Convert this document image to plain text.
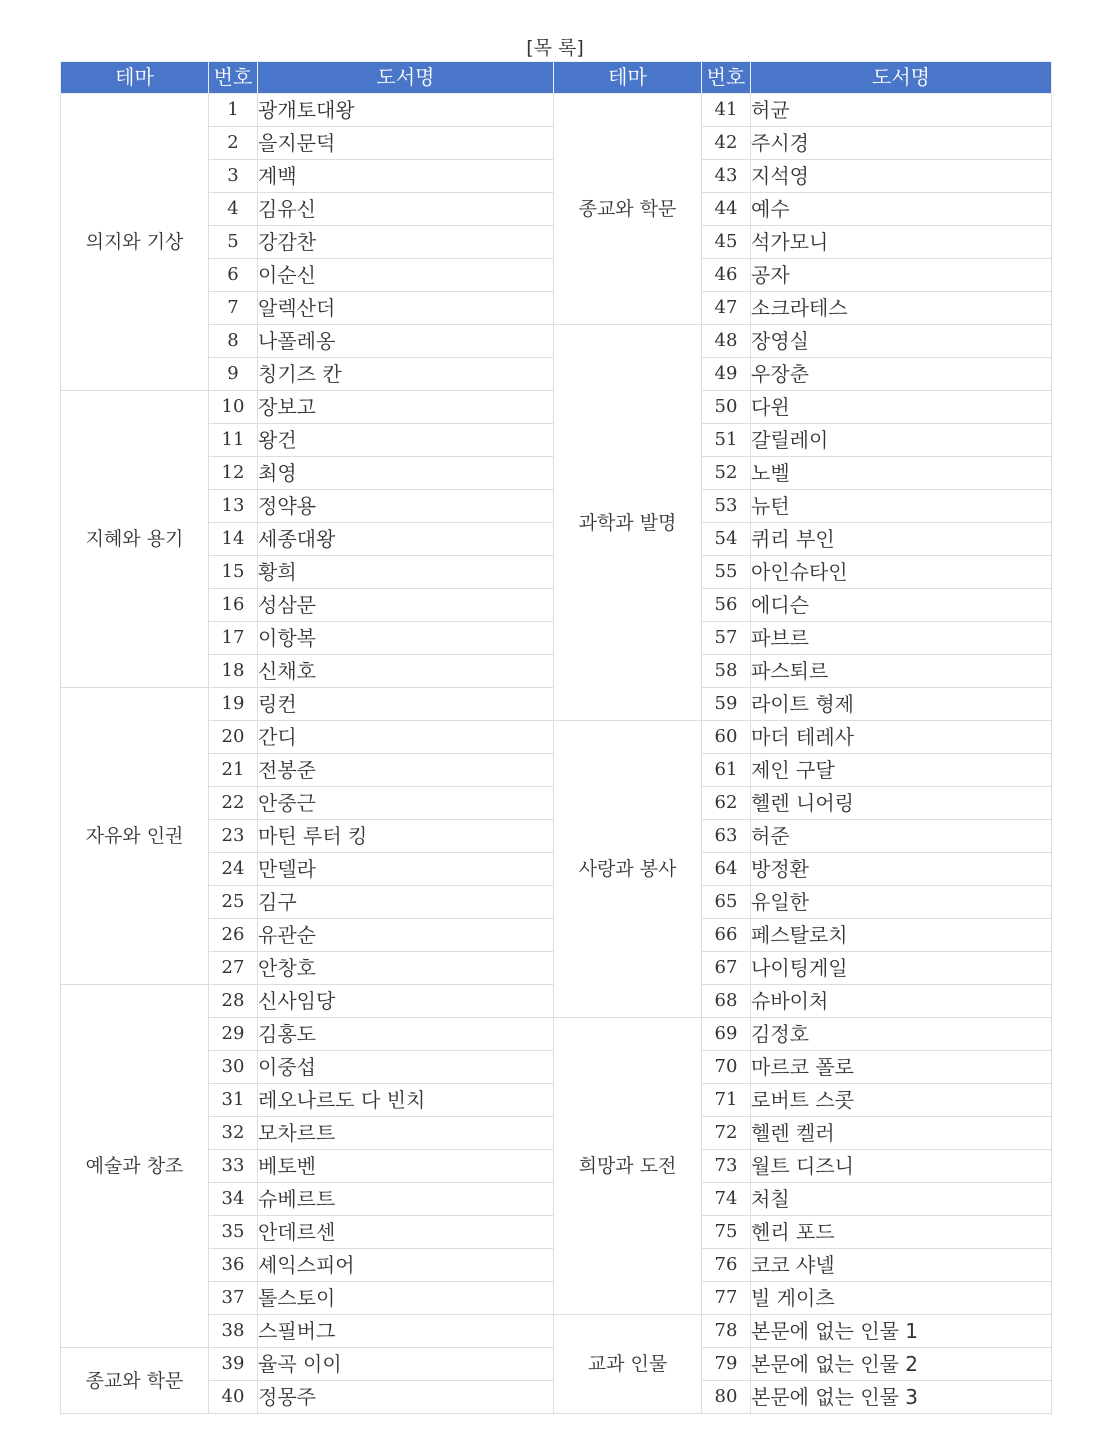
[목 록]
테마	번호	도서명	테마	번호	도서명
의지와 기상	1	광개토대왕	종교와 학문	41	허균
	2	을지문덕		42	주시경
	3	계백		43	지석영
	4	김유신		44	예수
	5	강감찬		45	석가모니
	6	이순신		46	공자
	7	알렉산더		47	소크라테스
	8	나폴레옹	과학과 발명	48	장영실
	9	칭기즈 칸		49	우장춘
지혜와 용기	10	장보고		50	다윈
	11	왕건		51	갈릴레이
	12	최영		52	노벨
	13	정약용		53	뉴턴
	14	세종대왕		54	퀴리 부인
	15	황희		55	아인슈타인
	16	성삼문		56	에디슨
	17	이항복		57	파브르
	18	신채호		58	파스퇴르
자유와 인권	19	링컨		59	라이트 형제
	20	간디	사랑과 봉사	60	마더 테레사
	21	전봉준		61	제인 구달
	22	안중근		62	헬렌 니어링
	23	마틴 루터 킹		63	허준
	24	만델라		64	방정환
	25	김구		65	유일한
	26	유관순		66	페스탈로치
	27	안창호		67	나이팅게일
예술과 창조	28	신사임당		68	슈바이처
	29	김홍도	희망과 도전	69	김정호
	30	이중섭		70	마르코 폴로
	31	레오나르도 다 빈치		71	로버트 스콧
	32	모차르트		72	헬렌 켈러
	33	베토벤		73	월트 디즈니
	34	슈베르트		74	처칠
	35	안데르센		75	헨리 포드
	36	셰익스피어		76	코코 샤넬
	37	톨스토이		77	빌 게이츠
	38	스필버그	교과 인물	78	본문에 없는 인물 1
종교와 학문	39	율곡 이이		79	본문에 없는 인물 2
	40	정몽주		80	본문에 없는 인물 3
